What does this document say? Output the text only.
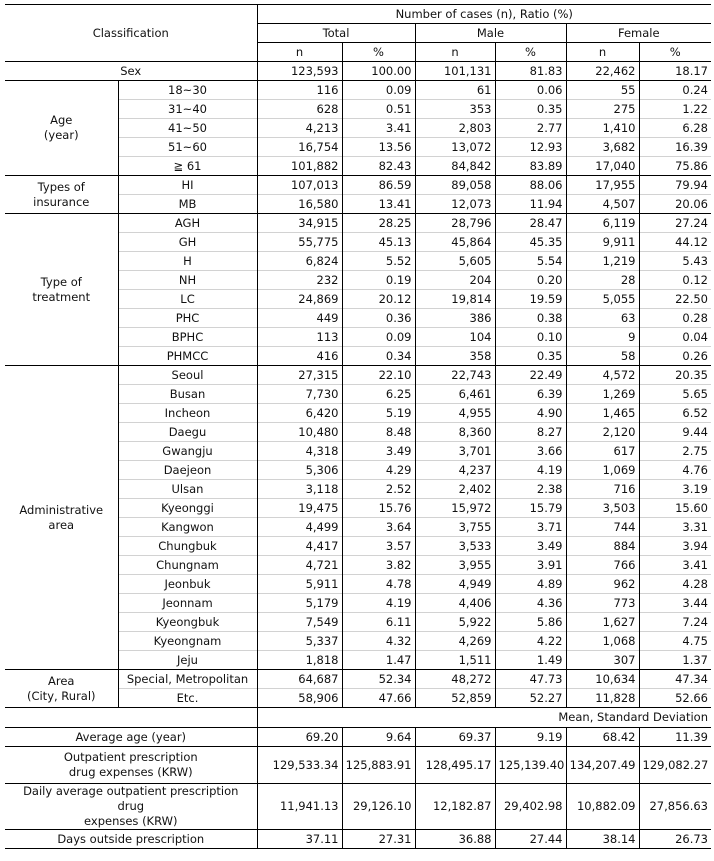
Classification		Number of cases (n), Ratio (%)					
		Total		Male		Female	
		n	%	n	%	n	%
Sex		123,593	100.00	101,131	81.83	22,462	18.17
Age
(year)	18~30	116	0.09	61	0.06	55	0.24
	31~40	628	0.51	353	0.35	275	1.22
	41~50	4,213	3.41	2,803	2.77	1,410	6.28
	51~60	16,754	13.56	13,072	12.93	3,682	16.39
	≧ 61	101,882	82.43	84,842	83.89	17,040	75.86
Types of insurance	HI	107,013	86.59	89,058	88.06	17,955	79.94
	MB	16,580	13.41	12,073	11.94	4,507	20.06
Type of
treatment	AGH	34,915	28.25	28,796	28.47	6,119	27.24
	GH	55,775	45.13	45,864	45.35	9,911	44.12
	H	6,824	5.52	5,605	5.54	1,219	5.43
	NH	232	0.19	204	0.20	28	0.12
	LC	24,869	20.12	19,814	19.59	5,055	22.50
	PHC	449	0.36	386	0.38	63	0.28
	BPHC	113	0.09	104	0.10	9	0.04
	PHMCC	416	0.34	358	0.35	58	0.26
Administrative area	Seoul	27,315	22.10	22,743	22.49	4,572	20.35
	Busan	7,730	6.25	6,461	6.39	1,269	5.65
	Incheon	6,420	5.19	4,955	4.90	1,465	6.52
	Daegu	10,480	8.48	8,360	8.27	2,120	9.44
	Gwangju	4,318	3.49	3,701	3.66	617	2.75
	Daejeon	5,306	4.29	4,237	4.19	1,069	4.76
	Ulsan	3,118	2.52	2,402	2.38	716	3.19
	Kyeonggi	19,475	15.76	15,972	15.79	3,503	15.60
	Kangwon	4,499	3.64	3,755	3.71	744	3.31
	Chungbuk	4,417	3.57	3,533	3.49	884	3.94
	Chungnam	4,721	3.82	3,955	3.91	766	3.41
	Jeonbuk	5,911	4.78	4,949	4.89	962	4.28
	Jeonnam	5,179	4.19	4,406	4.36	773	3.44
	Kyeongbuk	7,549	6.11	5,922	5.86	1,627	7.24
	Kyeongnam	5,337	4.32	4,269	4.22	1,068	4.75
	Jeju	1,818	1.47	1,511	1.49	307	1.37
Area
(City, Rural)	Special, Metropolitan	64,687	52.34	48,272	47.73	10,634	47.34
	Etc.	58,906	47.66	52,859	52.27	11,828	52.66
		Mean, Standard Deviation					
Average age (year)		69.20	9.64	69.37	9.19	68.42	11.39
Outpatient prescription
drug expenses (KRW)		129,533.34	125,883.91	128,495.17	125,139.40	134,207.49	129,082.27
Daily average outpatient prescription drug
expenses (KRW)		11,941.13	29,126.10	12,182.87	29,402.98	10,882.09	27,856.63
Days outside prescription		37.11	27.31	36.88	27.44	38.14	26.73
